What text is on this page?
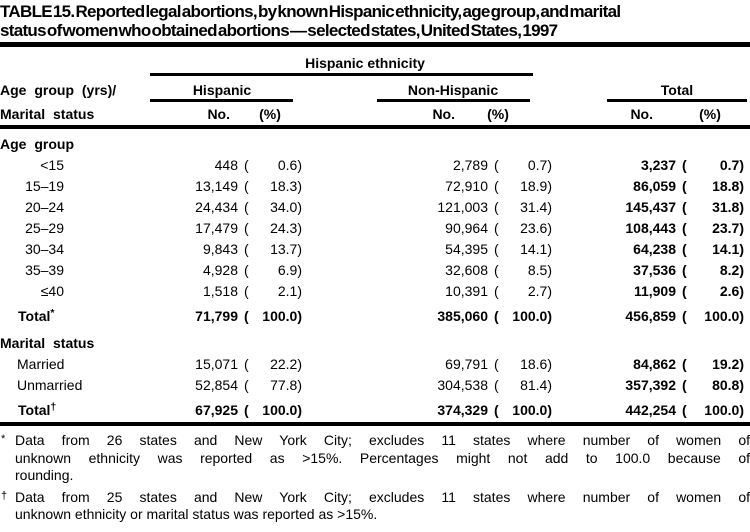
TABLE 15. Reported legal abortions, by known Hispanic ethnicity, age group, and marital
status of women who obtained abortions — selected states, United States, 1997
Hispanic ethnicity
Age group (yrs)/
Marital status
Hispanic	Non-Hispanic	Total
No. (%)	No. (%)	No.	(%)
Age group
<15	448 ( 0.6)	2,789 ( 0.7)	3,237 ( 0.7)
15–19	13,149 ( 18.3)	72,910 ( 18.9)	86,059 ( 18.8)
20–24	24,434 ( 34.0)	121,003 ( 31.4)	145,437 ( 31.8)
25–29	17,479 ( 24.3)	90,964 ( 23.6)	108,443 ( 23.7)
30–34	9,843 ( 13.7)	54,395 ( 14.1)	64,238 ( 14.1)
35–39	4,928 ( 6.9)	32,608 ( 8.5)	37,536 ( 8.2)
≤40	1,518 ( 2.1)	10,391 ( 2.7)	11,909 ( 2.6)
Total*	71,799 ( 100.0)	385,060 ( 100.0)	456,859 ( 100.0)
Marital status
Married	15,071 ( 22.2)	69,791 ( 18.6)	84,862 ( 19.2)
Unmarried	52,854 ( 77.8)	304,538 ( 81.4)	357,392 ( 80.8)
Total†	67,925 ( 100.0)	374,329 ( 100.0)	442,254 ( 100.0)
* Data from 26 states and New York City; excludes 11 states where number of women of
unknown ethnicity was reported as >15%. Percentages might not add to 100.0 because of
rounding.
† Data from 25 states and New York City; excludes 11 states where number of women of
unknown ethnicity or marital status was reported as >15%.
